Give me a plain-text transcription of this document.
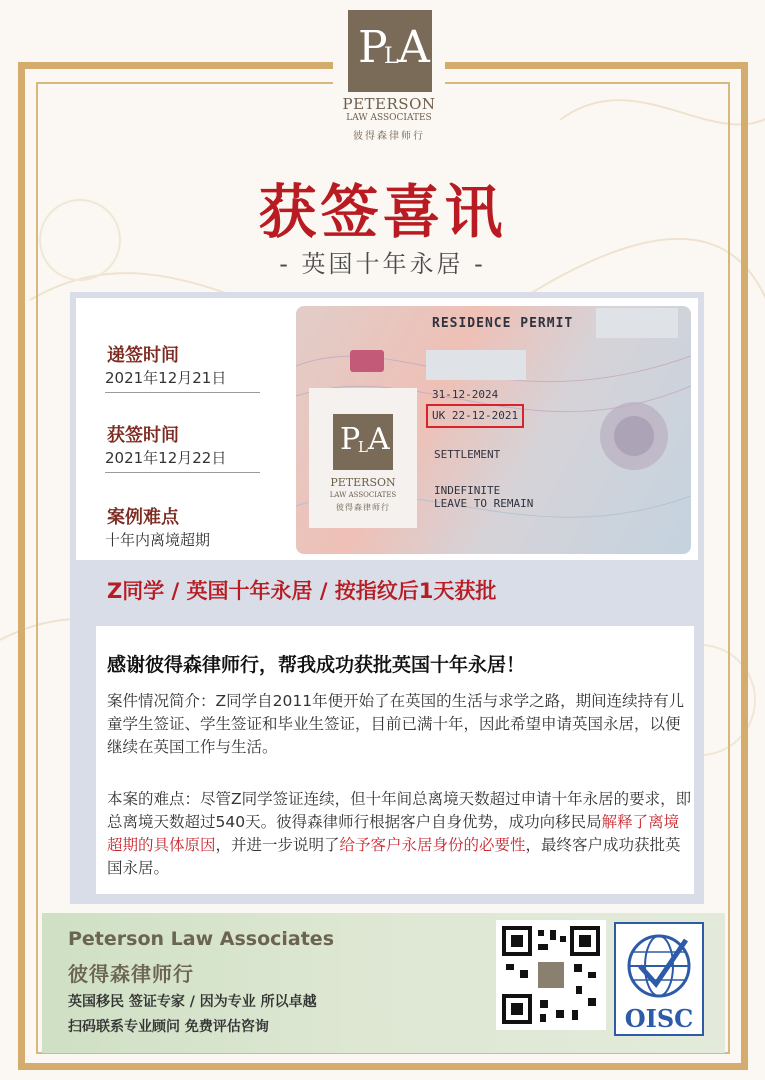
P
L A
PETERSON
LAW ASSOCIATES
彼得森律师行
获签喜讯
- 英国十年永居 -
递签时间
2021年12月21日
获签时间
2021年12月22日
案例难点
十年内离境超期
RESIDENCE PERMIT
31-12-2024
UK 22-12-2021
SETTLEMENT
INDEFINITE
LEAVE TO REMAIN
P
L A
PETERSON
LAW ASSOCIATES
彼得森律师行
Z同学 / 英国十年永居 / 按指纹后1天获批
感谢彼得森律师行，帮我成功获批英国十年永居！
案件情况简介：Z同学自2011年便开始了在英国的生活与求学之路，期间连续持有儿童学生签证、学生签证和毕业生签证，目前已满十年，因此希望申请英国永居，以便继续在英国工作与生活。
本案的难点：尽管Z同学签证连续，但十年间总离境天数超过申请十年永居的要求，即总离境天数超过540天。彼得森律师行根据客户自身优势，成功向移民局解释了离境超期的具体原因，并进一步说明了给予客户永居身份的必要性，最终客户成功获批英国永居。
Peterson Law Associates
彼得森律师行
英国移民 签证专家 / 因为专业 所以卓越
扫码联系专业顾问 免费评估咨询	OISC
